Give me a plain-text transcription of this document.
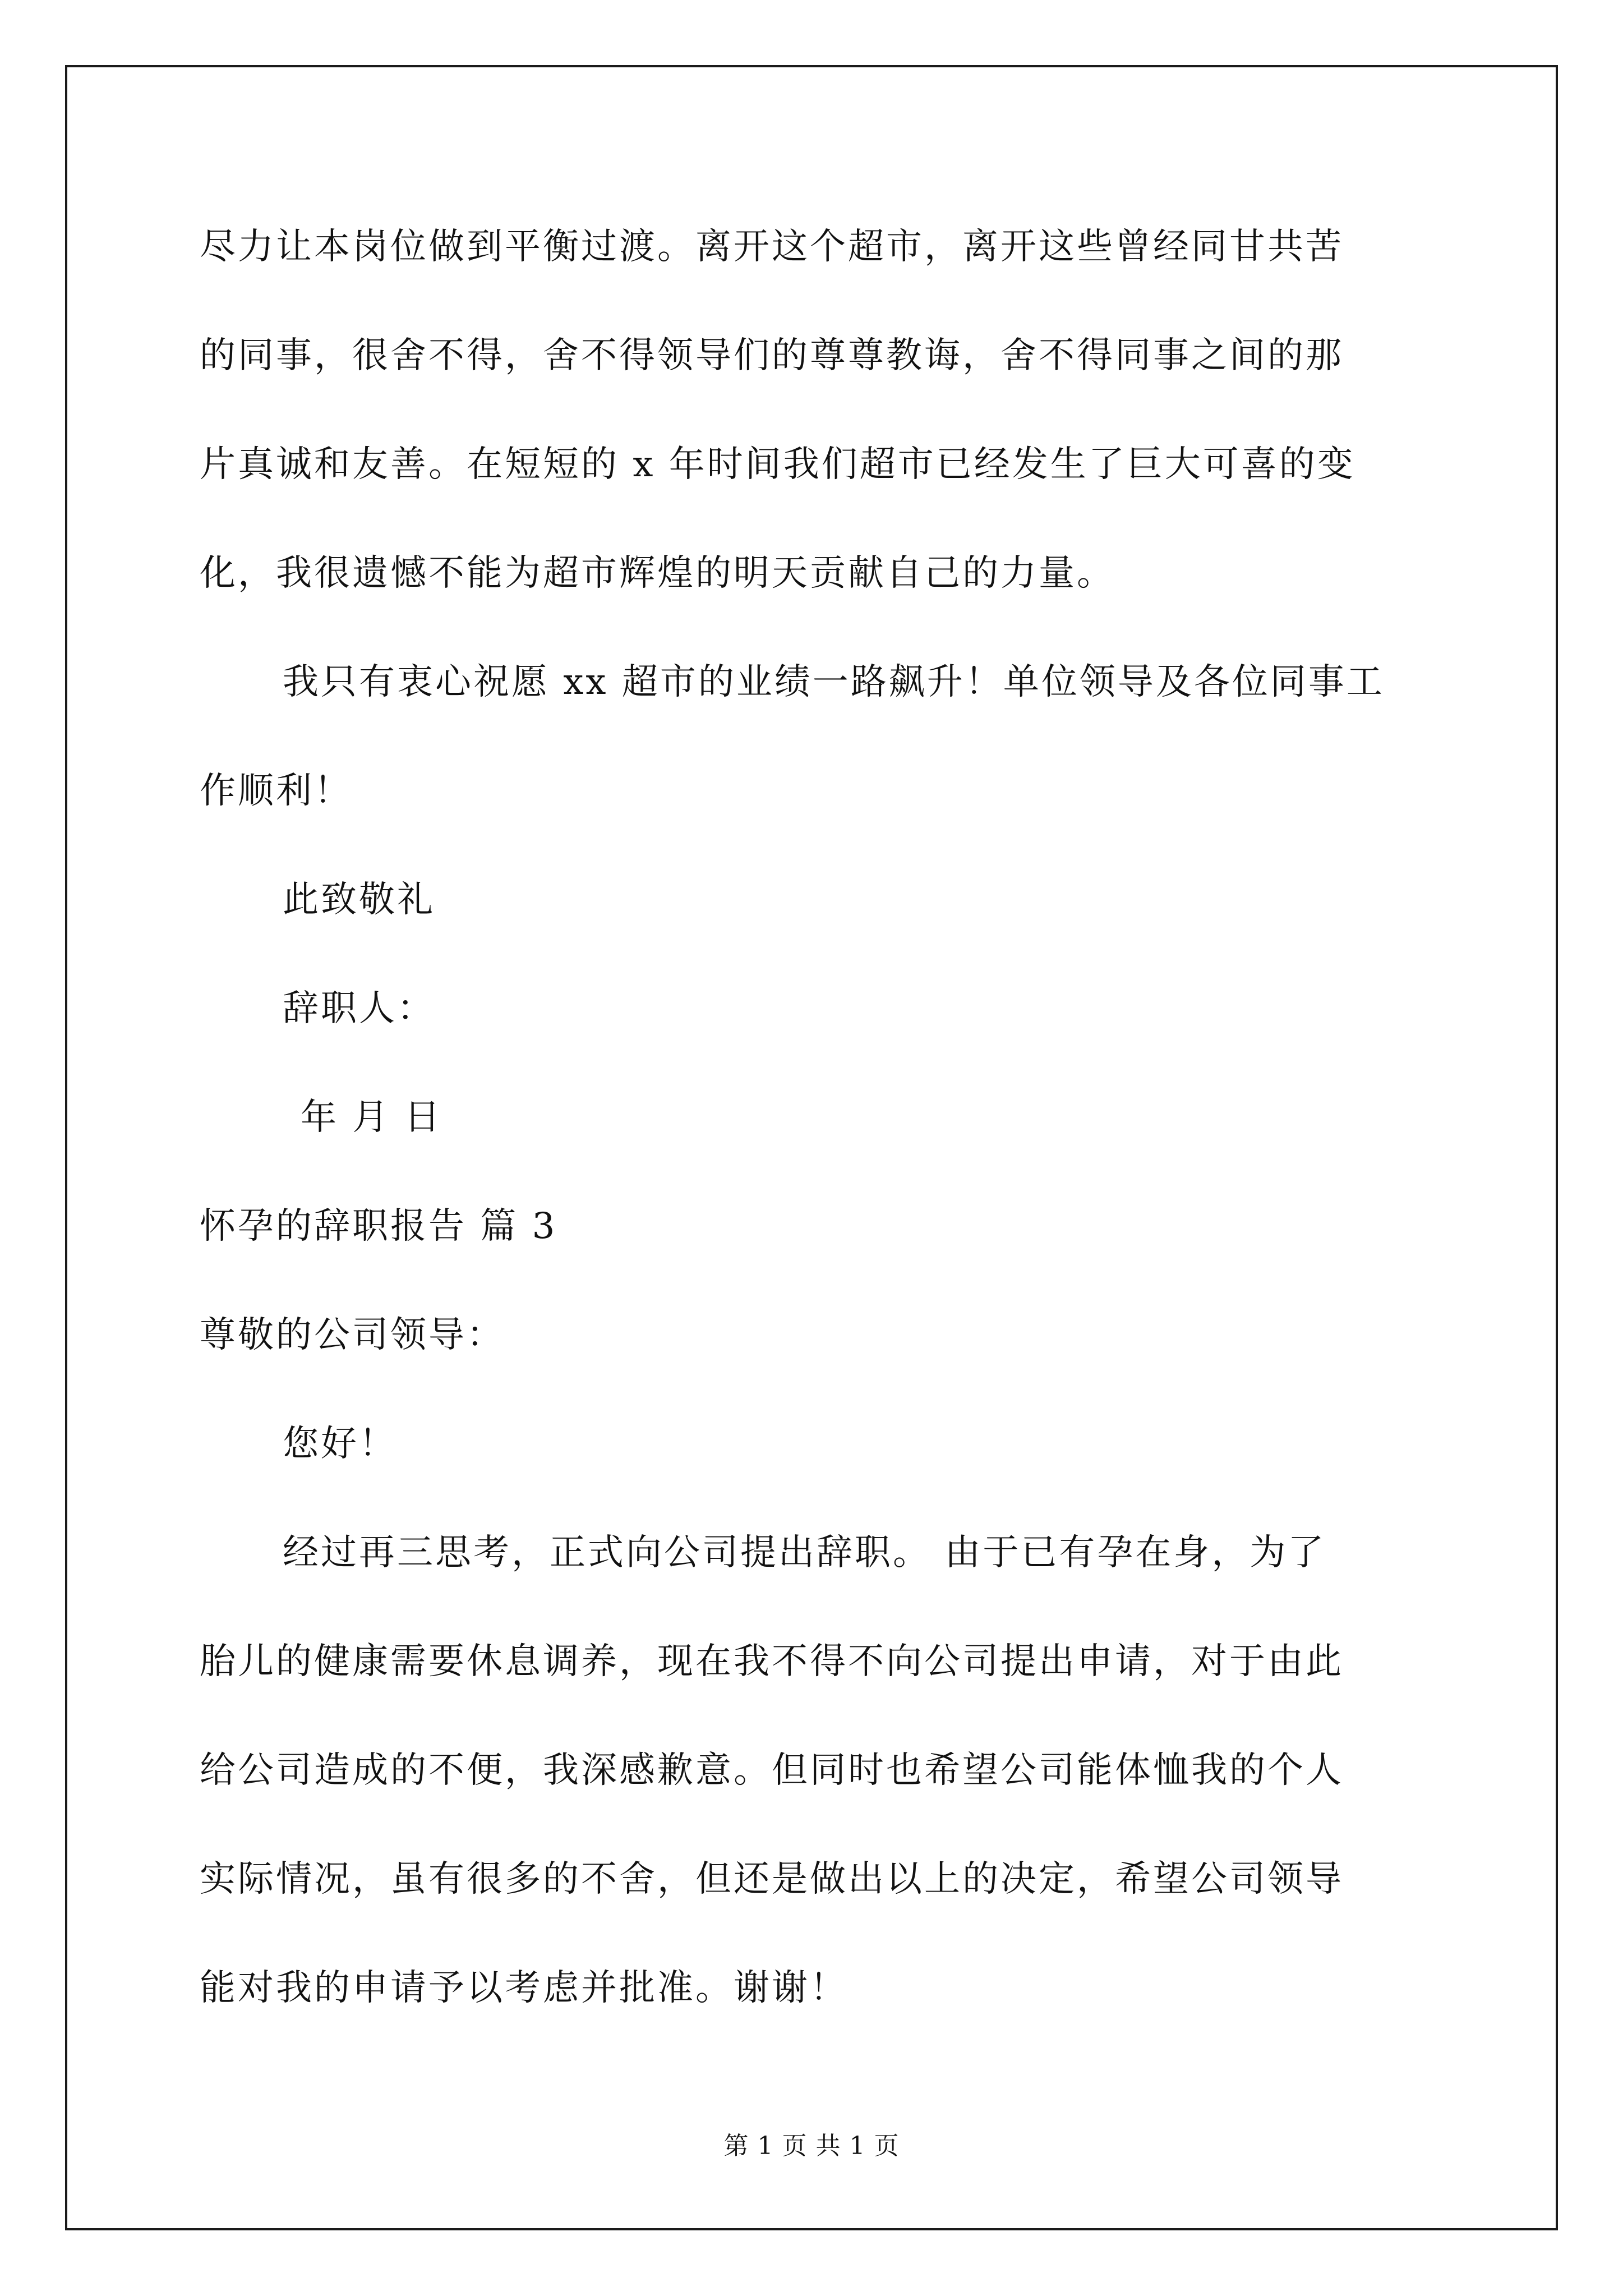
尽力让本岗位做到平衡过渡。离开这个超市，离开这些曾经同甘共苦
的同事，很舍不得，舍不得领导们的尊尊教诲，舍不得同事之间的那
片真诚和友善。在短短的 x 年时间我们超市已经发生了巨大可喜的变
化，我很遗憾不能为超市辉煌的明天贡献自己的力量。
我只有衷心祝愿 xx 超市的业绩一路飙升！单位领导及各位同事工
作顺利！
此致敬礼
辞职人：
年 月 日
怀孕的辞职报告 篇 3
尊敬的公司领导：
您好！
经过再三思考，正式向公司提出辞职。 由于已有孕在身，为了
胎儿的健康需要休息调养，现在我不得不向公司提出申请，对于由此
给公司造成的不便，我深感歉意。但同时也希望公司能体恤我的个人
实际情况，虽有很多的不舍，但还是做出以上的决定，希望公司领导
能对我的申请予以考虑并批准。谢谢！
第 1 页 共 1 页
